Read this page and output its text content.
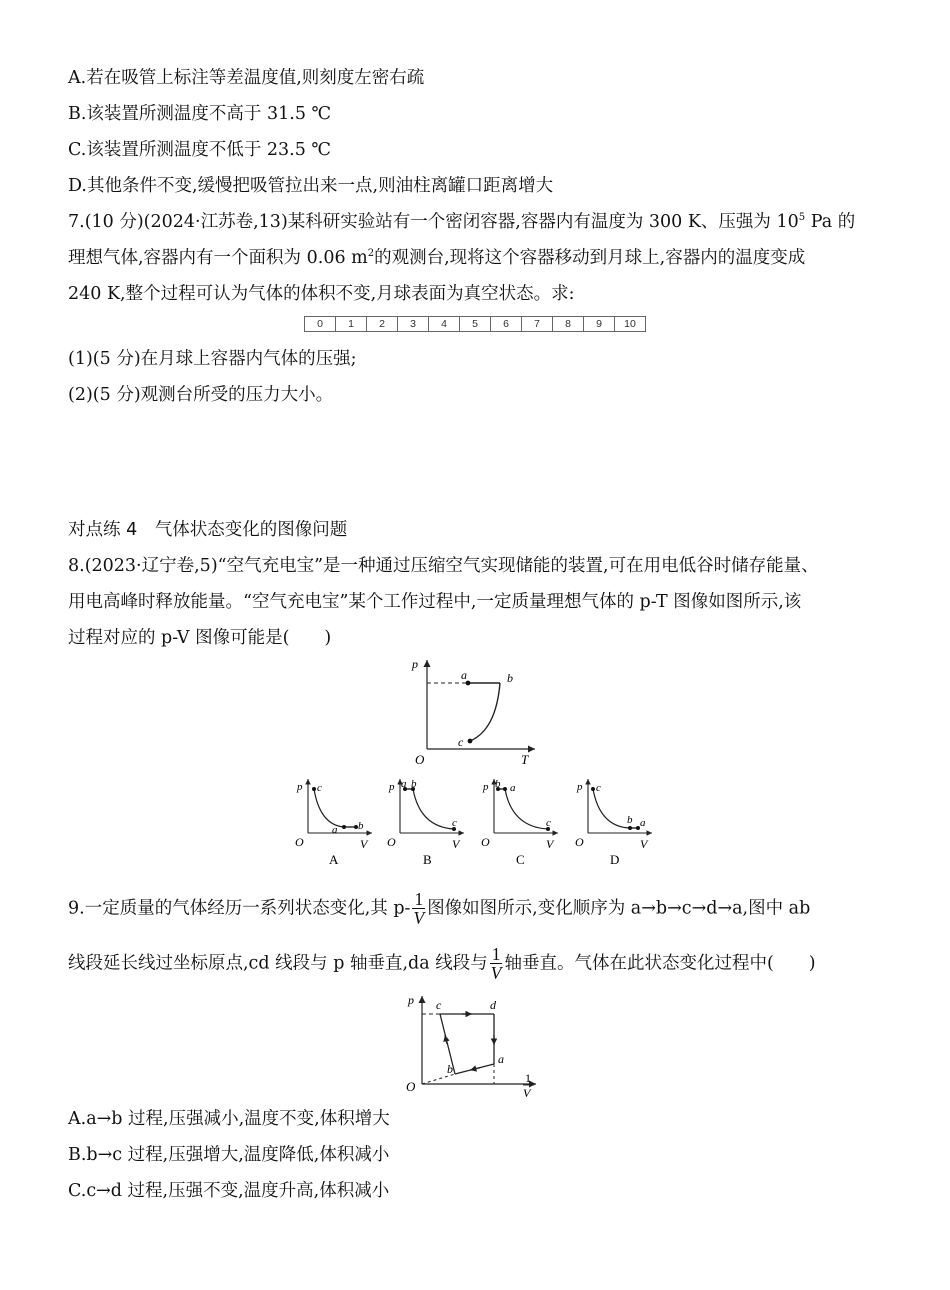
A.若在吸管上标注等差温度值,则刻度左密右疏
B.该装置所测温度不高于 31.5 ℃
C.该装置所测温度不低于 23.5 ℃
D.其他条件不变,缓慢把吸管拉出来一点,则油柱离罐口距离增大
7.(10 分)(2024·江苏卷,13)某科研实验站有一个密闭容器,容器内有温度为 300 K、压强为 $10^5$ Pa 的
理想气体,容器内有一个面积为 0.06 $m^2$的观测台,现将这个容器移动到月球上,容器内的温度变成
240 K,整个过程可认为气体的体积不变,月球表面为真空状态。求:
0	1	2	3	4	5	6	7	8	9	10
(1)(5 分)在月球上容器内气体的压强;
(2)(5 分)观测台所受的压力大小。
对点练 4　气体状态变化的图像问题
8.(2023·辽宁卷,5)“空气充电宝”是一种通过压缩空气实现储能的装置,可在用电低谷时储存能量、
用电高峰时释放能量。“空气充电宝”某个工作过程中,一定质量理想气体的 p-T 图像如图所示,该
过程对应的 p-V 图像可能是(　　)
p
T
O
a	b
c
p
V
O
c
a b
A
p
V
O
a b
c
B
p
V
O
b a
c
C
p
V
O
c
b a
D
9.一定质量的气体经历一系列状态变化,其 $p- \frac{1}{V}$ 图像如图所示,变化顺序为 a→b→c→d→a,图中 ab
线段延长线过坐标原点,cd 线段与 p 轴垂直,da 线段与 $\frac{1}{V}$ 轴垂直。气体在此状态变化过程中(　　)
p
O
1
V
a
b
c	d
A.a→b 过程,压强减小,温度不变,体积增大
B.b→c 过程,压强增大,温度降低,体积减小
C.c→d 过程,压强不变,温度升高,体积减小
